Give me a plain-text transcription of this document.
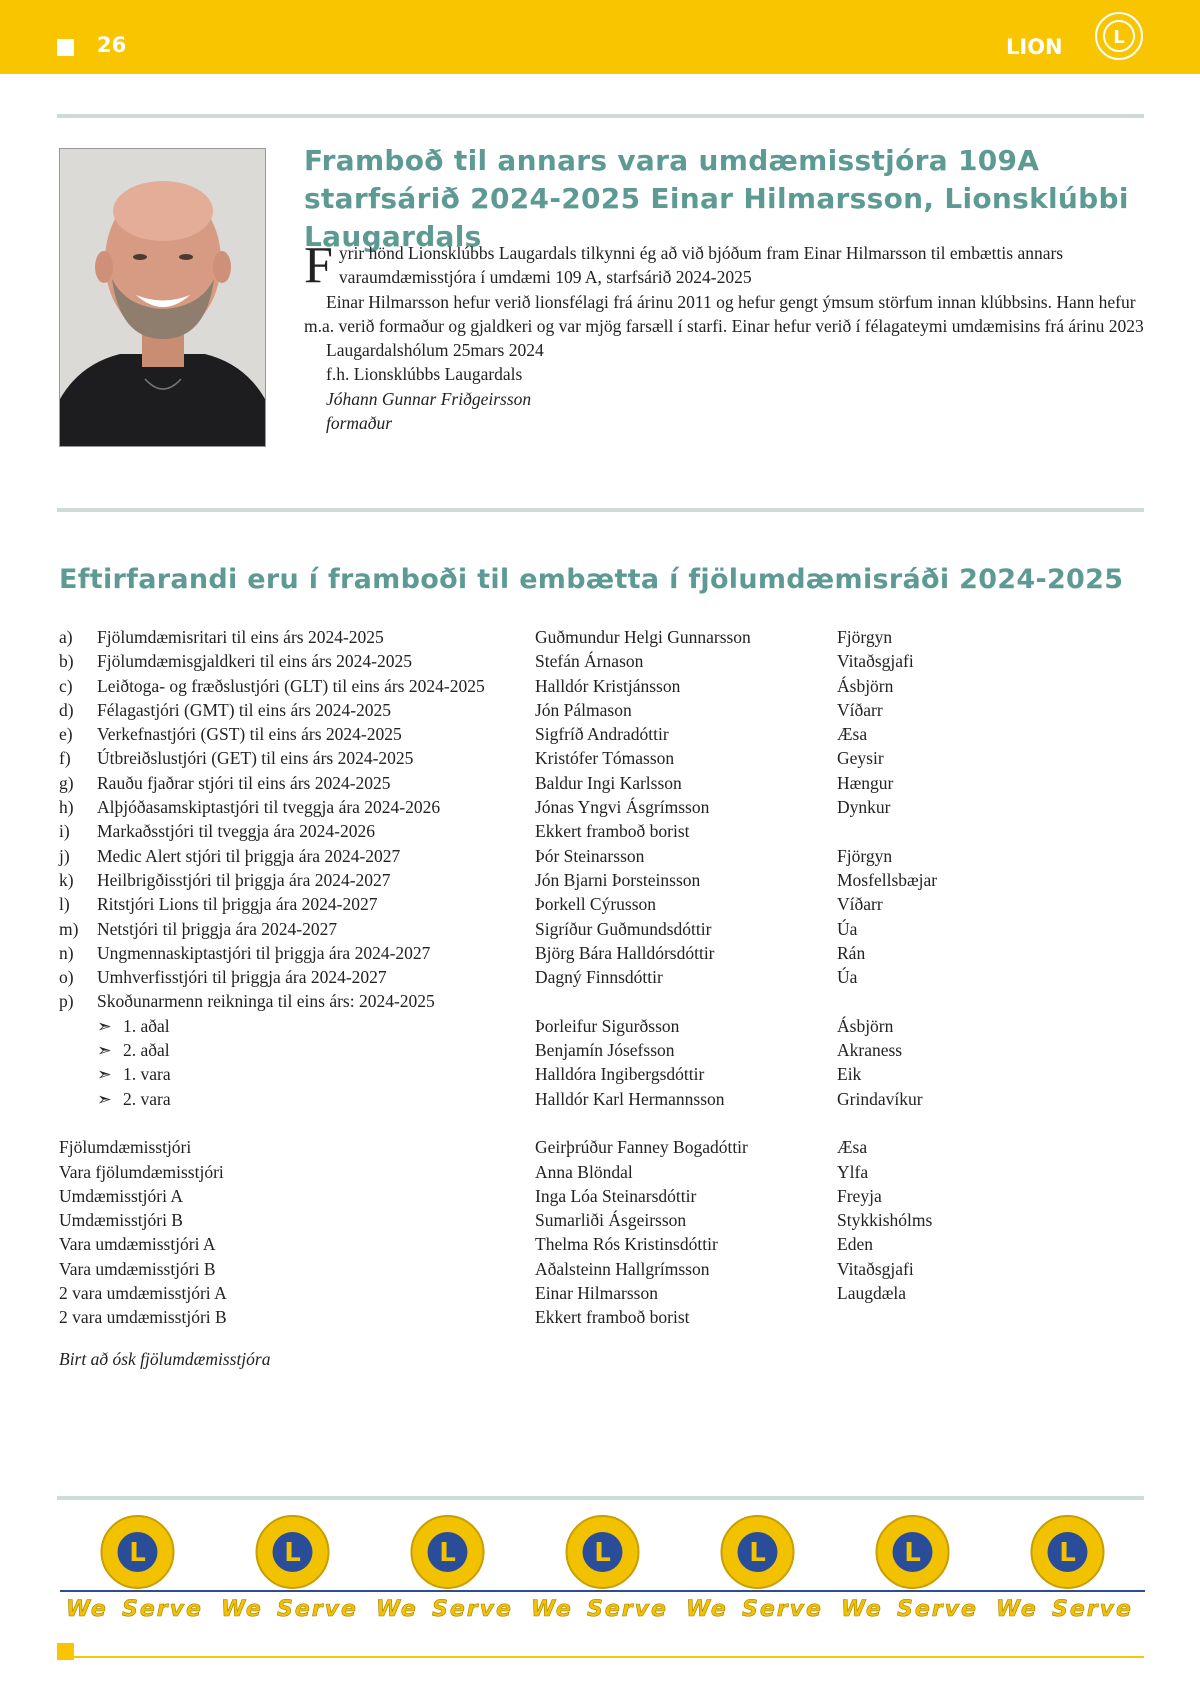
26	LION	L
Framboð til annars vara umdæmisstjóra 109A starfsárið 2024-2025 Einar Hilmarsson, Lionsklúbbi Laugardals

Fyrir hönd Lionsklúbbs Laugardals tilkynni ég að við bjóðum fram Einar Hilmarsson til embættis annars varaumdæmisstjóra í umdæmi 109 A, starfsárið 2024-2025

Einar Hilmarsson hefur verið lionsfélagi frá árinu 2011 og hefur gengt ýmsum störfum innan klúbbsins. Hann hefur m.a. verið formaður og gjaldkeri og var mjög farsæll í starfi. Einar hefur verið í félagateymi umdæmisins frá árinu 2023

Laugardalshólum 25mars 2024

f.h. Lionsklúbbs Laugardals

Jóhann Gunnar Friðgeirsson

formaður

Eftirfarandi eru í framboði til embætta í fjölumdæmisráði 2024-2025
a) Fjölumdæmisritari til eins árs 2024-2025	Guðmundur Helgi Gunnarsson	Fjörgyn
b) Fjölumdæmisgjaldkeri til eins árs 2024-2025	Stefán Árnason	Vitaðsgjafi
c) Leiðtoga- og fræðslustjóri (GLT) til eins árs 2024-2025	Halldór Kristjánsson	Ásbjörn
d) Félagastjóri (GMT) til eins árs 2024-2025	Jón Pálmason	Víðarr
e) Verkefnastjóri (GST) til eins árs 2024-2025	Sigfríð Andradóttir	Æsa
f) Útbreiðslustjóri (GET) til eins árs 2024-2025	Kristófer Tómasson	Geysir
g) Rauðu fjaðrar stjóri til eins árs 2024-2025	Baldur Ingi Karlsson	Hængur
h) Alþjóðasamskiptastjóri til tveggja ára 2024-2026	Jónas Yngvi Ásgrímsson	Dynkur
i) Markaðsstjóri til tveggja ára 2024-2026	Ekkert framboð borist
j) Medic Alert stjóri til þriggja ára 2024-2027	Þór Steinarsson	Fjörgyn
k) Heilbrigðisstjóri til þriggja ára 2024-2027	Jón Bjarni Þorsteinsson	Mosfellsbæjar
l) Ritstjóri Lions til þriggja ára 2024-2027	Þorkell Cýrusson	Víðarr
m) Netstjóri til þriggja ára 2024-2027	Sigríður Guðmundsdóttir	Úa
n) Ungmennaskiptastjóri til þriggja ára 2024-2027	Björg Bára Halldórsdóttir	Rán
o) Umhverfisstjóri til þriggja ára 2024-2027	Dagný Finnsdóttir	Úa
p) Skoðunarmenn reikninga til eins árs: 2024-2025
➣ 1. aðal	Þorleifur Sigurðsson	Ásbjörn
➣ 2. aðal	Benjamín Jósefsson	Akraness
➣ 1. vara	Halldóra Ingibergsdóttir	Eik
➣ 2. vara	Halldór Karl Hermannsson	Grindavíkur
Fjölumdæmisstjóri	Geirþrúður Fanney Bogadóttir	Æsa
Vara fjölumdæmisstjóri	Anna Blöndal	Ylfa
Umdæmisstjóri A	Inga Lóa Steinarsdóttir	Freyja
Umdæmisstjóri B	Sumarliði Ásgeirsson	Stykkishólms
Vara umdæmisstjóri A	Thelma Rós Kristinsdóttir	Eden
Vara umdæmisstjóri B	Aðalsteinn Hallgrímsson	Vitaðsgjafi
2 vara umdæmisstjóri A	Einar Hilmarsson	Laugdæla
2 vara umdæmisstjóri B	Ekkert framboð borist
Birt að ósk fjölumdæmisstjóra
L	L	L	L	L	L	L
We Serve We Serve We Serve We Serve We Serve We Serve We Serve
